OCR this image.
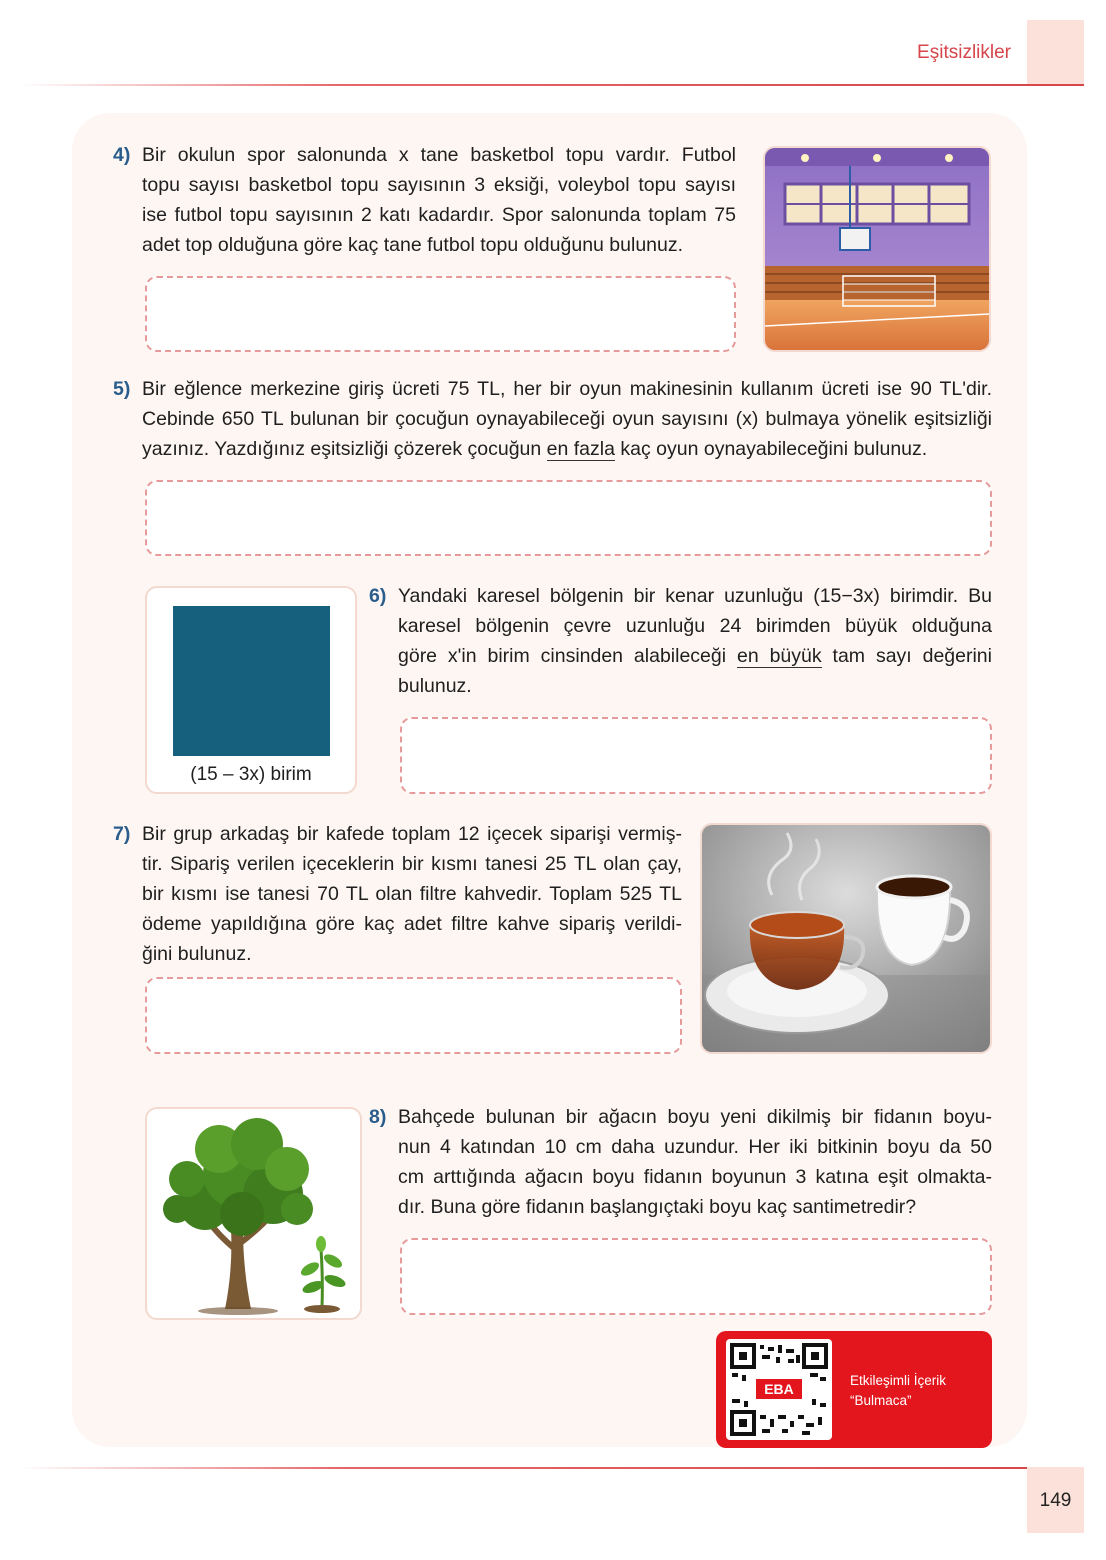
Eşitsizlikler
4) Bir okulun spor salonunda x tane basketbol topu vardır. Futbol
topu sayısı basketbol topu sayısının 3 eksiği, voleybol topu sayısı
ise futbol topu sayısının 2 katı kadardır. Spor salonunda toplam 75
adet top olduğuna göre kaç tane futbol topu olduğunu bulunuz.
5) Bir eğlence merkezine giriş ücreti 75 TL, her bir oyun makinesinin kullanım ücreti ise 90 TL'dir.
Cebinde 650 TL bulunan bir çocuğun oynayabileceği oyun sayısını (x) bulmaya yönelik eşitsizliği
yazınız. Yazdığınız eşitsizliği çözerek çocuğun en fazla kaç oyun oynayabileceğini bulunuz.
(15 – 3x) birim
6) Yandaki karesel bölgenin bir kenar uzunluğu (15−3x) birimdir. Bu
karesel bölgenin çevre uzunluğu 24 birimden büyük olduğuna
göre x'in birim cinsinden alabileceği en büyük tam sayı değerini
bulunuz.
7) Bir grup arkadaş bir kafede toplam 12 içecek siparişi vermiş-
tir. Sipariş verilen içeceklerin bir kısmı tanesi 25 TL olan çay,
bir kısmı ise tanesi 70 TL olan filtre kahvedir. Toplam 525 TL
ödeme yapıldığına göre kaç adet filtre kahve sipariş verildi-
ğini bulunuz.
8) Bahçede bulunan bir ağacın boyu yeni dikilmiş bir fidanın boyu-
nun 4 katından 10 cm daha uzundur. Her iki bitkinin boyu da 50
cm arttığında ağacın boyu fidanın boyunun 3 katına eşit olmakta-
dır. Buna göre fidanın başlangıçtaki boyu kaç santimetredir?
EBA
Etkileşimli İçerik
“Bulmaca”
149
